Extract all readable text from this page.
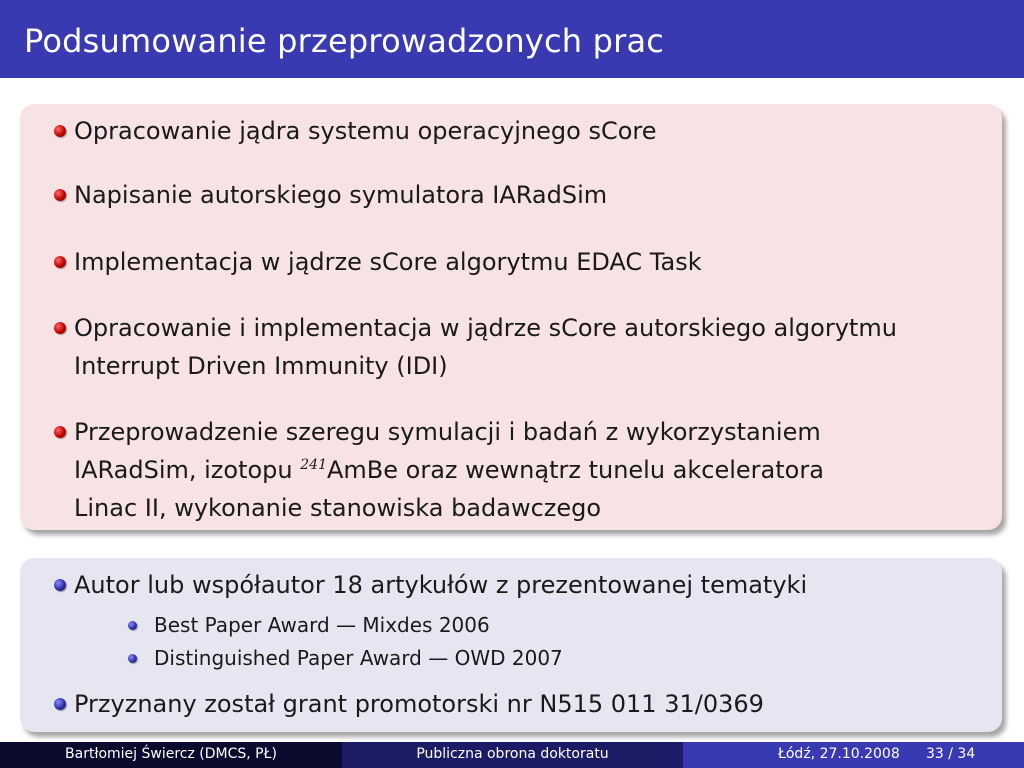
Podsumowanie przeprowadzonych prac
Opracowanie jądra systemu operacyjnego sCore
Napisanie autorskiego symulatora IARadSim
Implementacja w jądrze sCore algorytmu EDAC Task
Opracowanie i implementacja w jądrze sCore autorskiego algorytmu
Interrupt Driven Immunity (IDI)
Przeprowadzenie szeregu symulacji i badań z wykorzystaniem
IARadSim, izotopu $^{241}$AmBe oraz wewnątrz tunelu akceleratora
Linac II, wykonanie stanowiska badawczego
Autor lub współautor 18 artykułów z prezentowanej tematyki
Best Paper Award — Mixdes 2006
Distinguished Paper Award — OWD 2007
Przyznany został grant promotorski nr N515 011 31/0369
Bartłomiej Świercz (DMCS, PŁ)	Publiczna obrona doktoratu	Łódź, 27.10.2008 33 / 34
